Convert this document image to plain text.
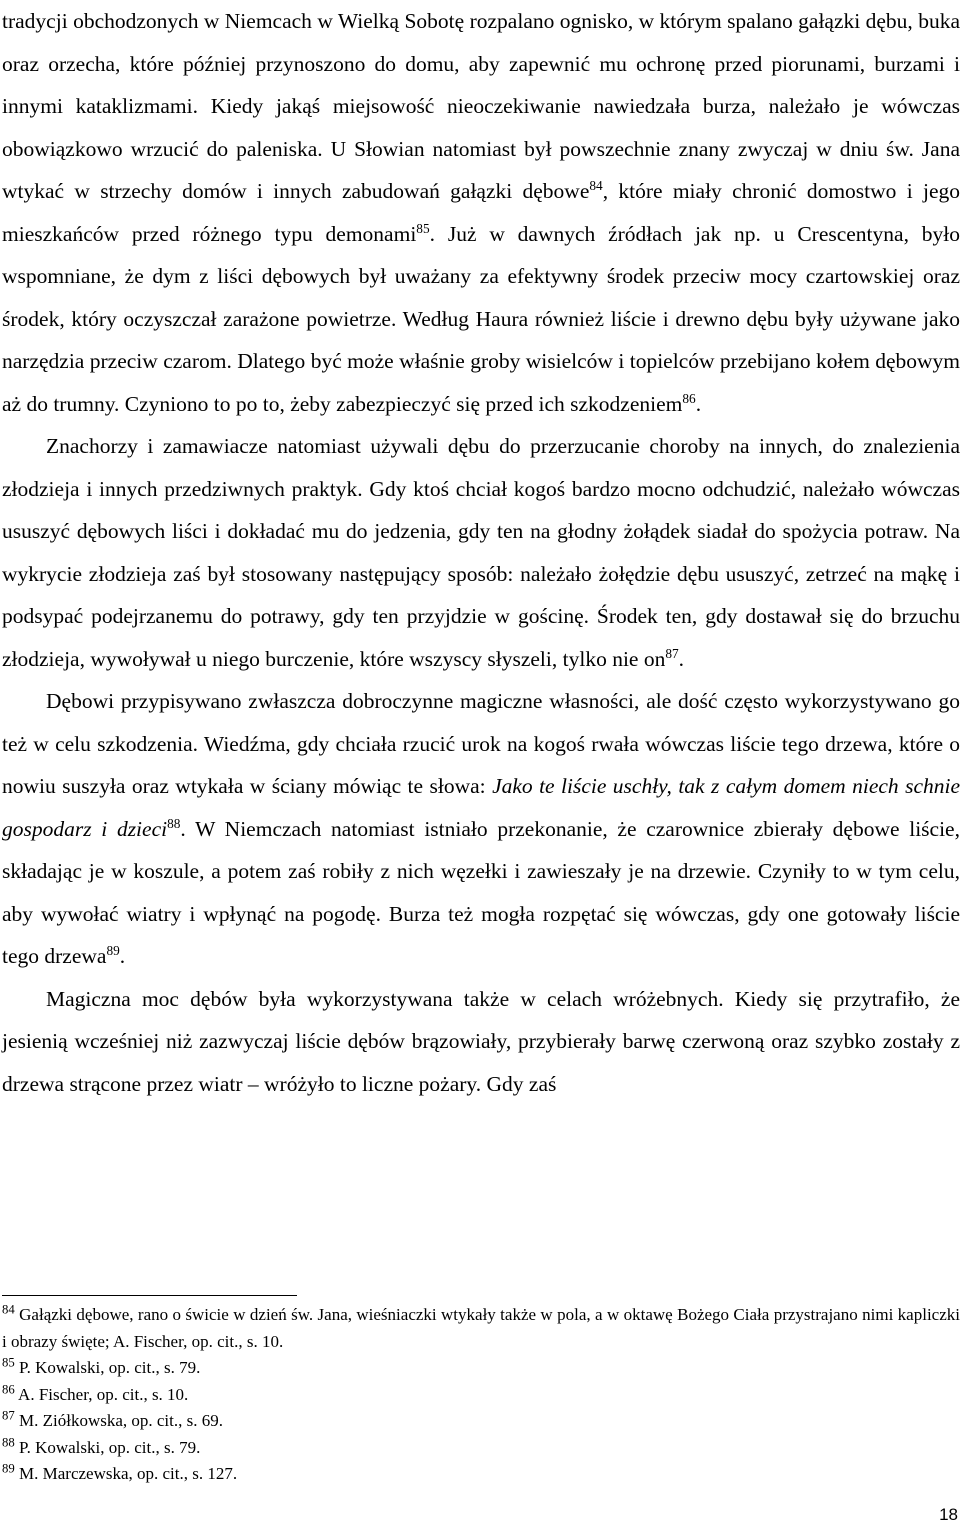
tradycji obchodzonych w Niemcach w Wielką Sobotę rozpalano ognisko, w którym spalano gałązki dębu, buka oraz orzecha, które później przynoszono do domu, aby zapewnić mu ochronę przed piorunami, burzami i innymi kataklizmami. Kiedy jakąś miejsowość nieoczekiwanie nawiedzała burza, należało je wówczas obowiązkowo wrzucić do paleniska. U Słowian natomiast był powszechnie znany zwyczaj w dniu św. Jana wtykać w strzechy domów i innych zabudowań gałązki dębowe$^{84}$, które miały chronić domostwo i jego mieszkańców przed różnego typu demonami$^{85}$. Już w dawnych źródłach jak np. u Crescentyna, było wspomniane, że dym z liści dębowych był uważany za efektywny środek przeciw mocy czartowskiej oraz środek, który oczyszczał zarażone powietrze. Według Haura również liście i drewno dębu były używane jako narzędzia przeciw czarom. Dlatego być może właśnie groby wisielców i topielców przebijano kołem dębowym aż do trumny. Czyniono to po to, żeby zabezpieczyć się przed ich szkodzeniem$^{86}$.

Znachorzy i zamawiacze natomiast używali dębu do przerzucanie choroby na innych, do znalezienia złodzieja i innych przedziwnych praktyk. Gdy ktoś chciał kogoś bardzo mocno odchudzić, należało wówczas ususzyć dębowych liści i dokładać mu do jedzenia, gdy ten na głodny żołądek siadał do spożycia potraw. Na wykrycie złodzieja zaś był stosowany następujący sposób: należało żołędzie dębu ususzyć, zetrzeć na mąkę i podsypać podejrzanemu do potrawy, gdy ten przyjdzie w gościnę. Środek ten, gdy dostawał się do brzuchu złodzieja, wywoływał u niego burczenie, które wszyscy słyszeli, tylko nie $on^{87}$.

Dębowi przypisywano zwłaszcza dobroczynne magiczne własności, ale dość często wykorzystywano go też w celu szkodzenia. Wiedźma, gdy chciała rzucić urok na kogoś rwała wówczas liście tego drzewa, które o nowiu suszyła oraz wtykała w ściany mówiąc te słowa: Jako te liście uschły, tak z całym domem niech schnie gospodarz i dzieci$^{88}$. W Niemczach natomiast istniało przekonanie, że czarownice zbierały dębowe liście, składając je w koszule, a potem zaś robiły z nich węzełki i zawieszały je na drzewie. Czyniły to w tym celu, aby wywołać wiatry i wpłynąć na pogodę. Burza też mogła rozpętać się wówczas, gdy one gotowały liście tego drzewa$^{89}$.

Magiczna moc dębów była wykorzystywana także w celach wróżebnych. Kiedy się przytrafiło, że jesienią wcześniej niż zazwyczaj liście dębów brązowiały, przybierały barwę czerwoną oraz szybko zostały z drzewa strącone przez wiatr – wróżyło to liczne pożary. Gdy zaś

$^{84}$ Gałązki dębowe, rano o świcie w dzień św. Jana, wieśniaczki wtykały także w pola, a w oktawę Bożego Ciała przystrajano nimi kapliczki i obrazy święte; A. Fischer, op. cit., s. 10.

$^{85}$ P. Kowalski, op. cit., s. 79.

$^{86}$ A. Fischer, op. cit., s. 10.

$^{87}$ M. Ziółkowska, op. cit., s. 69.

$^{88}$ P. Kowalski, op. cit., s. 79.

$^{89}$ M. Marczewska, op. cit., s. 127.

18
